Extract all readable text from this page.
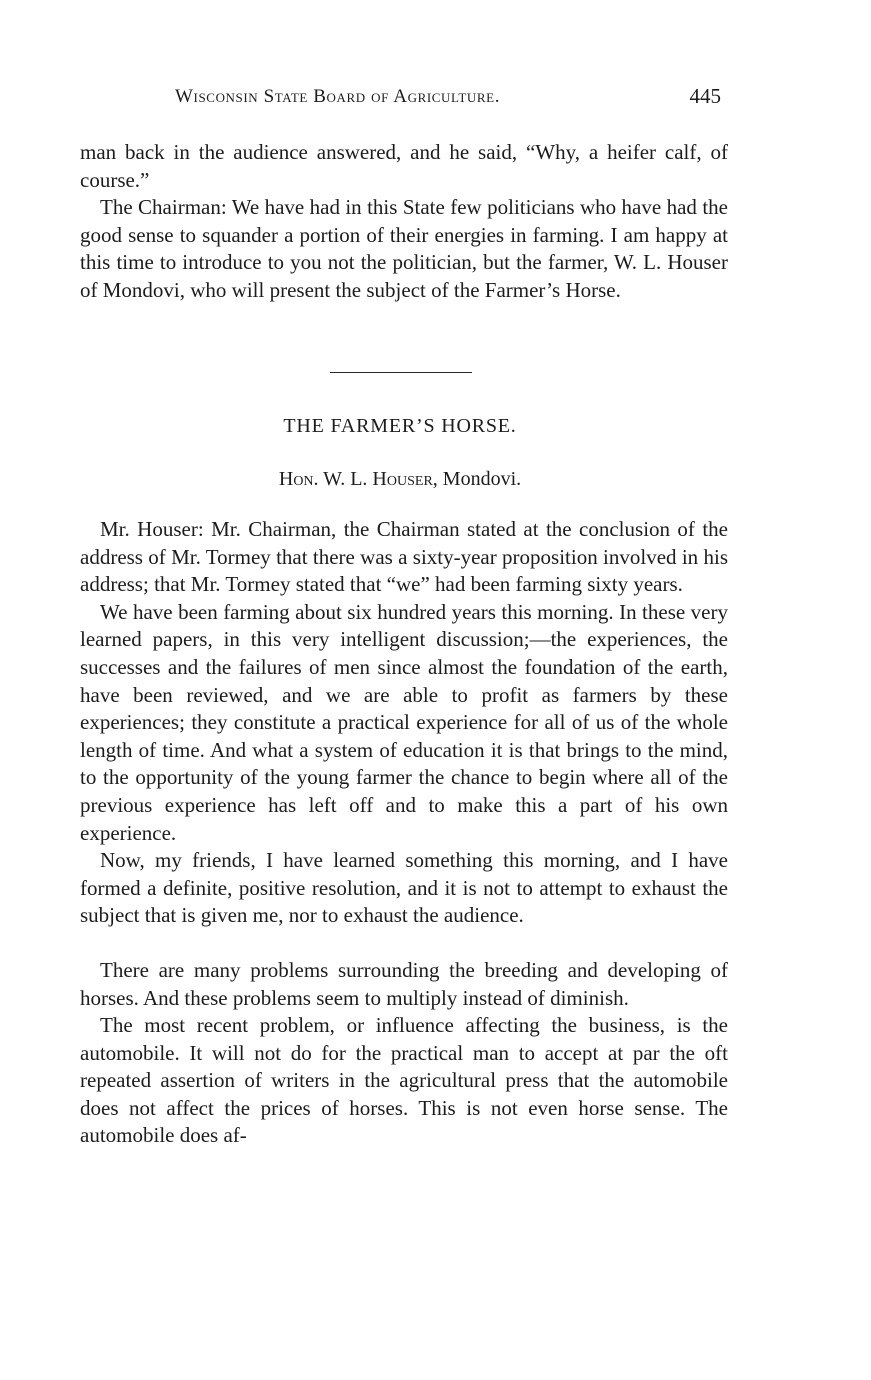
Wisconsin State Board of Agriculture.	445

man back in the audience answered, and he said, “Why, a heifer calf, of course.”

The Chairman: We have had in this State few politicians who have had the good sense to squander a portion of their energies in farming. I am happy at this time to introduce to you not the politician, but the farmer, W. L. Houser of Mondovi, who will present the subject of the Farmer’s Horse.

THE FARMER’S HORSE.
Hon. W. L. Houser, Mondovi.

Mr. Houser: Mr. Chairman, the Chairman stated at the conclusion of the address of Mr. Tormey that there was a sixty-year proposition involved in his address; that Mr. Tormey stated that “we” had been farming sixty years.

We have been farming about six hundred years this morning. In these very learned papers, in this very intelligent discussion;—the experiences, the successes and the failures of men since almost the foundation of the earth, have been reviewed, and we are able to profit as farmers by these experiences; they constitute a practical experience for all of us of the whole length of time. And what a system of education it is that brings to the mind, to the opportunity of the young farmer the chance to begin where all of the previous experience has left off and to make this a part of his own experience.

Now, my friends, I have learned something this morning, and I have formed a definite, positive resolution, and it is not to attempt to exhaust the subject that is given me, nor to exhaust the audience.

There are many problems surrounding the breeding and developing of horses. And these problems seem to multiply instead of diminish.

The most recent problem, or influence affecting the business, is the automobile. It will not do for the practical man to accept at par the oft repeated assertion of writers in the agricultural press that the automobile does not affect the prices of horses. This is not even horse sense. The automobile does af-
